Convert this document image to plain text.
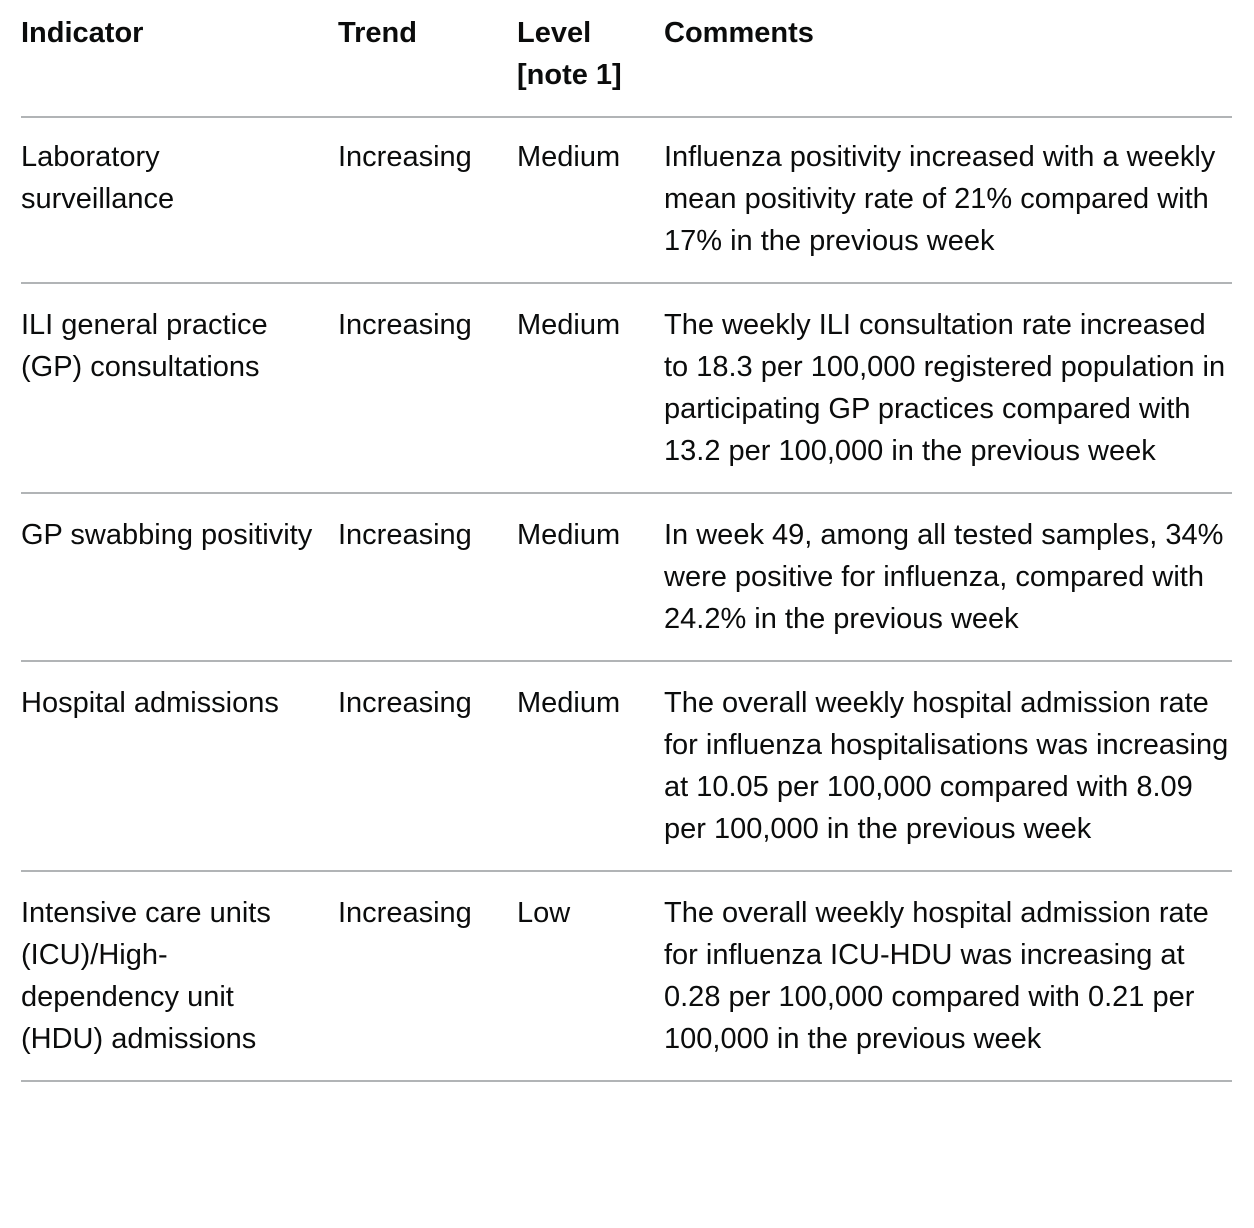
Indicator	Trend	Level [note 1]	Comments
Laboratory surveillance	Increasing	Medium	Influenza positivity increased with a weekly mean positivity rate of 21% compared with 17% in the previous week
ILI general practice (GP) consultations	Increasing	Medium	The weekly ILI consultation rate increased to 18.3 per 100,000 registered population in participating GP practices compared with 13.2 per 100,000 in the previous week
GP swabbing positivity	Increasing	Medium	In week 49, among all tested samples, 34% were positive for influenza, compared with 24.2% in the previous week
Hospital admissions	Increasing	Medium	The overall weekly hospital admission rate for influenza hospitalisations was increasing at 10.05 per 100,000 compared with 8.09 per 100,000 in the previous week
Intensive care units (ICU)/High-dependency unit (HDU) admissions	Increasing	Low	The overall weekly hospital admission rate for influenza ICU-HDU was increasing at 0.28 per 100,000 compared with 0.21 per 100,000 in the previous week
